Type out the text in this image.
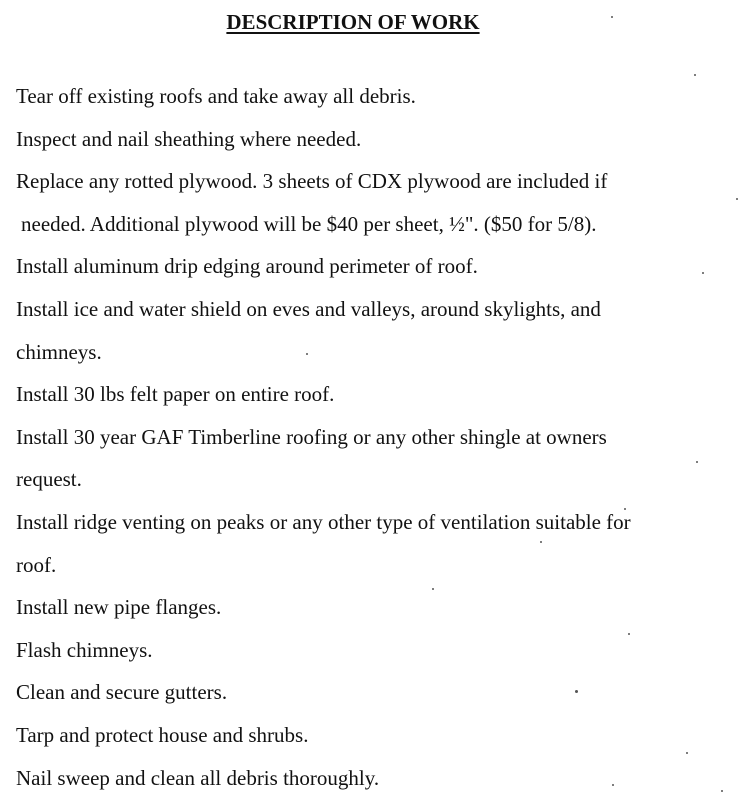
DESCRIPTION OF WORK
Tear off existing roofs and take away all debris.
Inspect and nail sheathing where needed.
Replace any rotted plywood. 3 sheets of CDX plywood are included if
needed. Additional plywood will be $40 per sheet, ½". ($50 for 5/8).
Install aluminum drip edging around perimeter of roof.
Install ice and water shield on eves and valleys, around skylights, and
chimneys.
Install 30 lbs felt paper on entire roof.
Install 30 year GAF Timberline roofing or any other shingle at owners
request.
Install ridge venting on peaks or any other type of ventilation suitable for
roof.
Install new pipe flanges.
Flash chimneys.
Clean and secure gutters.
Tarp and protect house and shrubs.
Nail sweep and clean all debris thoroughly.
